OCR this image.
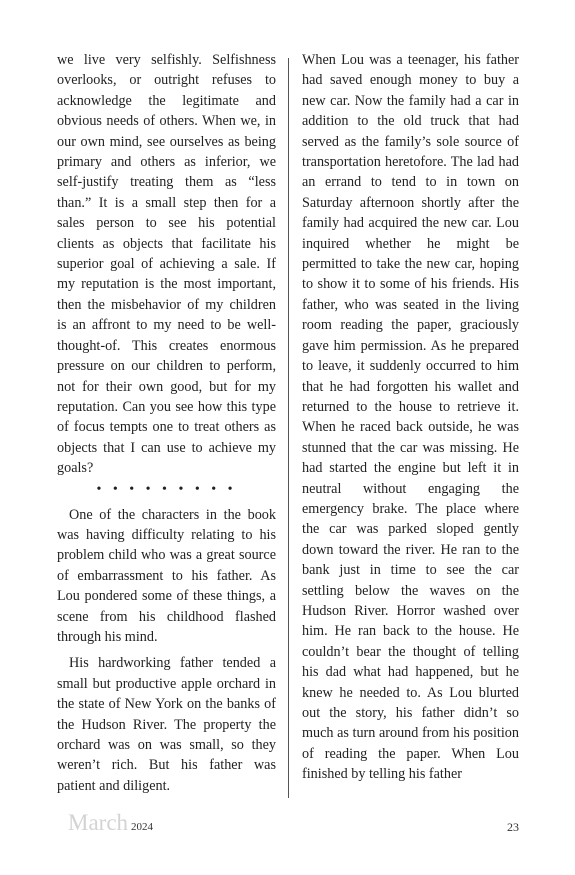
we live very selfishly. Selfishness overlooks, or outright refuses to acknowledge the legitimate and obvious needs of others. When we, in our own mind, see ourselves as being primary and others as inferior, we self-justify treating them as “less than.” It is a small step then for a sales person to see his potential clients as objects that facilitate his superior goal of achieving a sale. If my reputation is the most important, then the misbehavior of my children is an affront to my need to be well-thought-of. This creates enormous pressure on our children to perform, not for their own good, but for my reputation. Can you see how this type of focus tempts one to treat others as objects that I can use to achieve my goals?

• • • • • • • • •

One of the characters in the book was having difficulty relating to his problem child who was a great source of embarrassment to his father. As Lou pondered some of these things, a scene from his childhood flashed through his mind.

His hardworking father tended a small but productive apple orchard in the state of New York on the banks of the Hudson River. The property the orchard was on was small, so they weren’t rich. But his father was patient and diligent.

When Lou was a teenager, his father had saved enough money to buy a new car. Now the family had a car in addition to the old truck that had served as the family’s sole source of transportation heretofore. The lad had an errand to tend to in town on Saturday afternoon shortly after the family had acquired the new car. Lou inquired whether he might be permitted to take the new car, hoping to show it to some of his friends. His father, who was seated in the living room reading the paper, graciously gave him permission. As he prepared to leave, it suddenly occurred to him that he had forgotten his wallet and returned to the house to retrieve it. When he raced back outside, he was stunned that the car was missing. He had started the engine but left it in neutral without engaging the emergency brake. The place where the car was parked sloped gently down toward the river. He ran to the bank just in time to see the car settling below the waves on the Hudson River. Horror washed over him. He ran back to the house. He couldn’t bear the thought of telling his dad what had happened, but he knew he needed to. As Lou blurted out the story, his father didn’t so much as turn around from his position of reading the paper. When Lou finished by telling his father

March 2024	23
